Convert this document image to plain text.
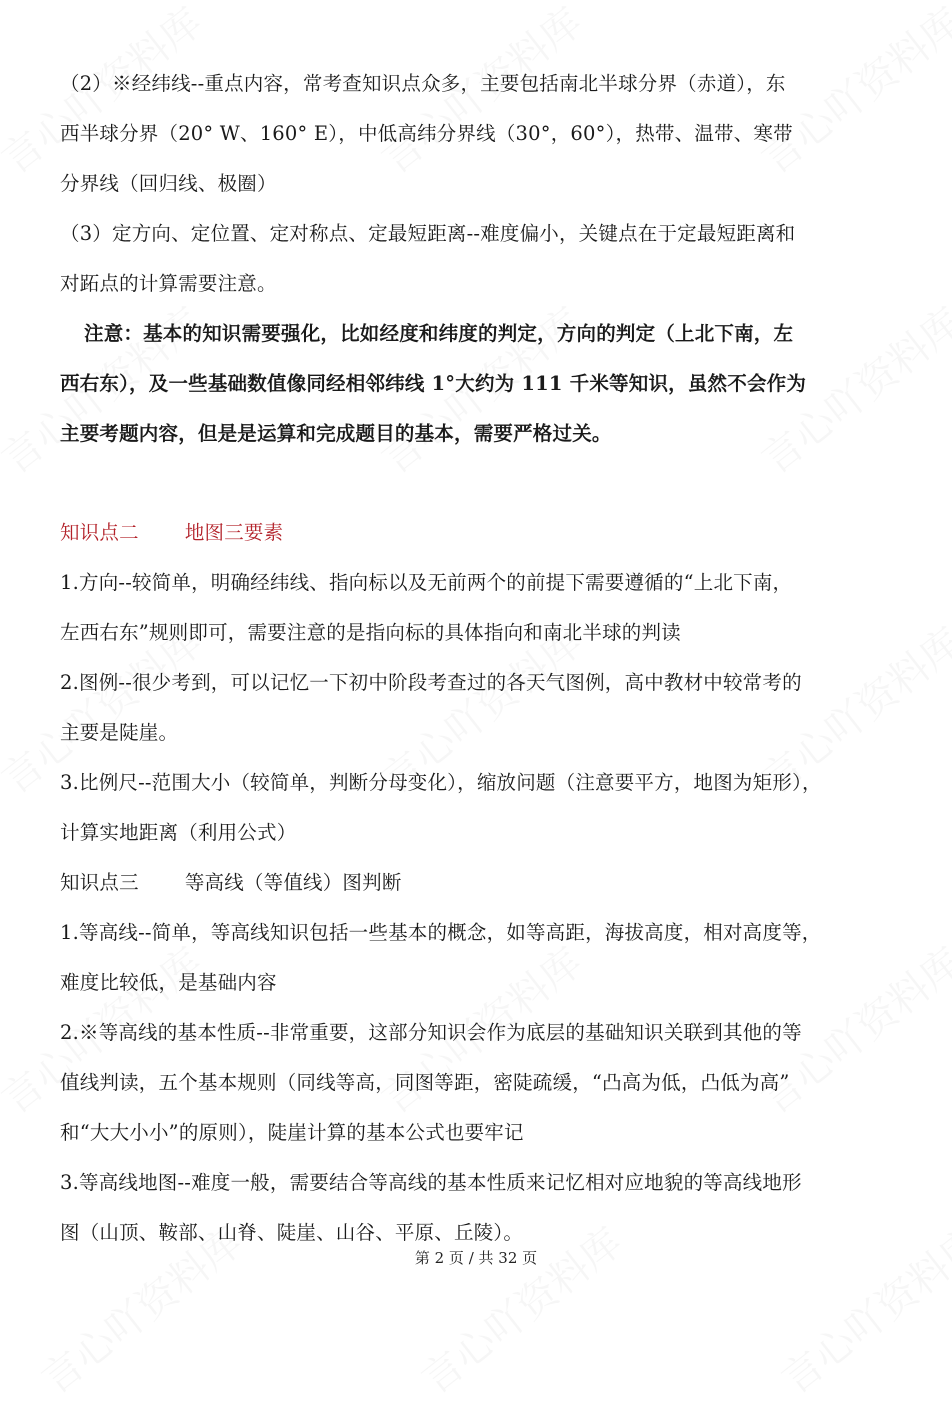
（2）※经纬线--重点内容，常考查知识点众多，主要包括南北半球分界（赤道），东
西半球分界（20° W、160° E），中低高纬分界线（30°，60°），热带、温带、寒带
分界线（回归线、极圈）
（3）定方向、定位置、定对称点、定最短距离--难度偏小，关键点在于定最短距离和
对跖点的计算需要注意。
注意：基本的知识需要强化，比如经度和纬度的判定，方向的判定（上北下南，左
西右东），及一些基础数值像同经相邻纬线 1°大约为 111 千米等知识，虽然不会作为
主要考题内容，但是是运算和完成题目的基本，需要严格过关。
知识点二 地图三要素
1.方向--较简单，明确经纬线、指向标以及无前两个的前提下需要遵循的“上北下南，
左西右东”规则即可，需要注意的是指向标的具体指向和南北半球的判读
2.图例--很少考到，可以记忆一下初中阶段考查过的各天气图例，高中教材中较常考的
主要是陡崖。
3.比例尺--范围大小（较简单，判断分母变化），缩放问题（注意要平方，地图为矩形），
计算实地距离（利用公式）
知识点三 等高线（等值线）图判断
1.等高线--简单，等高线知识包括一些基本的概念，如等高距，海拔高度，相对高度等，
难度比较低，是基础内容
2.※等高线的基本性质--非常重要，这部分知识会作为底层的基础知识关联到其他的等
值线判读，五个基本规则（同线等高，同图等距，密陡疏缓，“凸高为低，凸低为高”
和“大大小小”的原则），陡崖计算的基本公式也要牢记
3.等高线地图--难度一般，需要结合等高线的基本性质来记忆相对应地貌的等高线地形
图（山顶、鞍部、山脊、陡崖、山谷、平原、丘陵）。
第 2 页 / 共 32 页
